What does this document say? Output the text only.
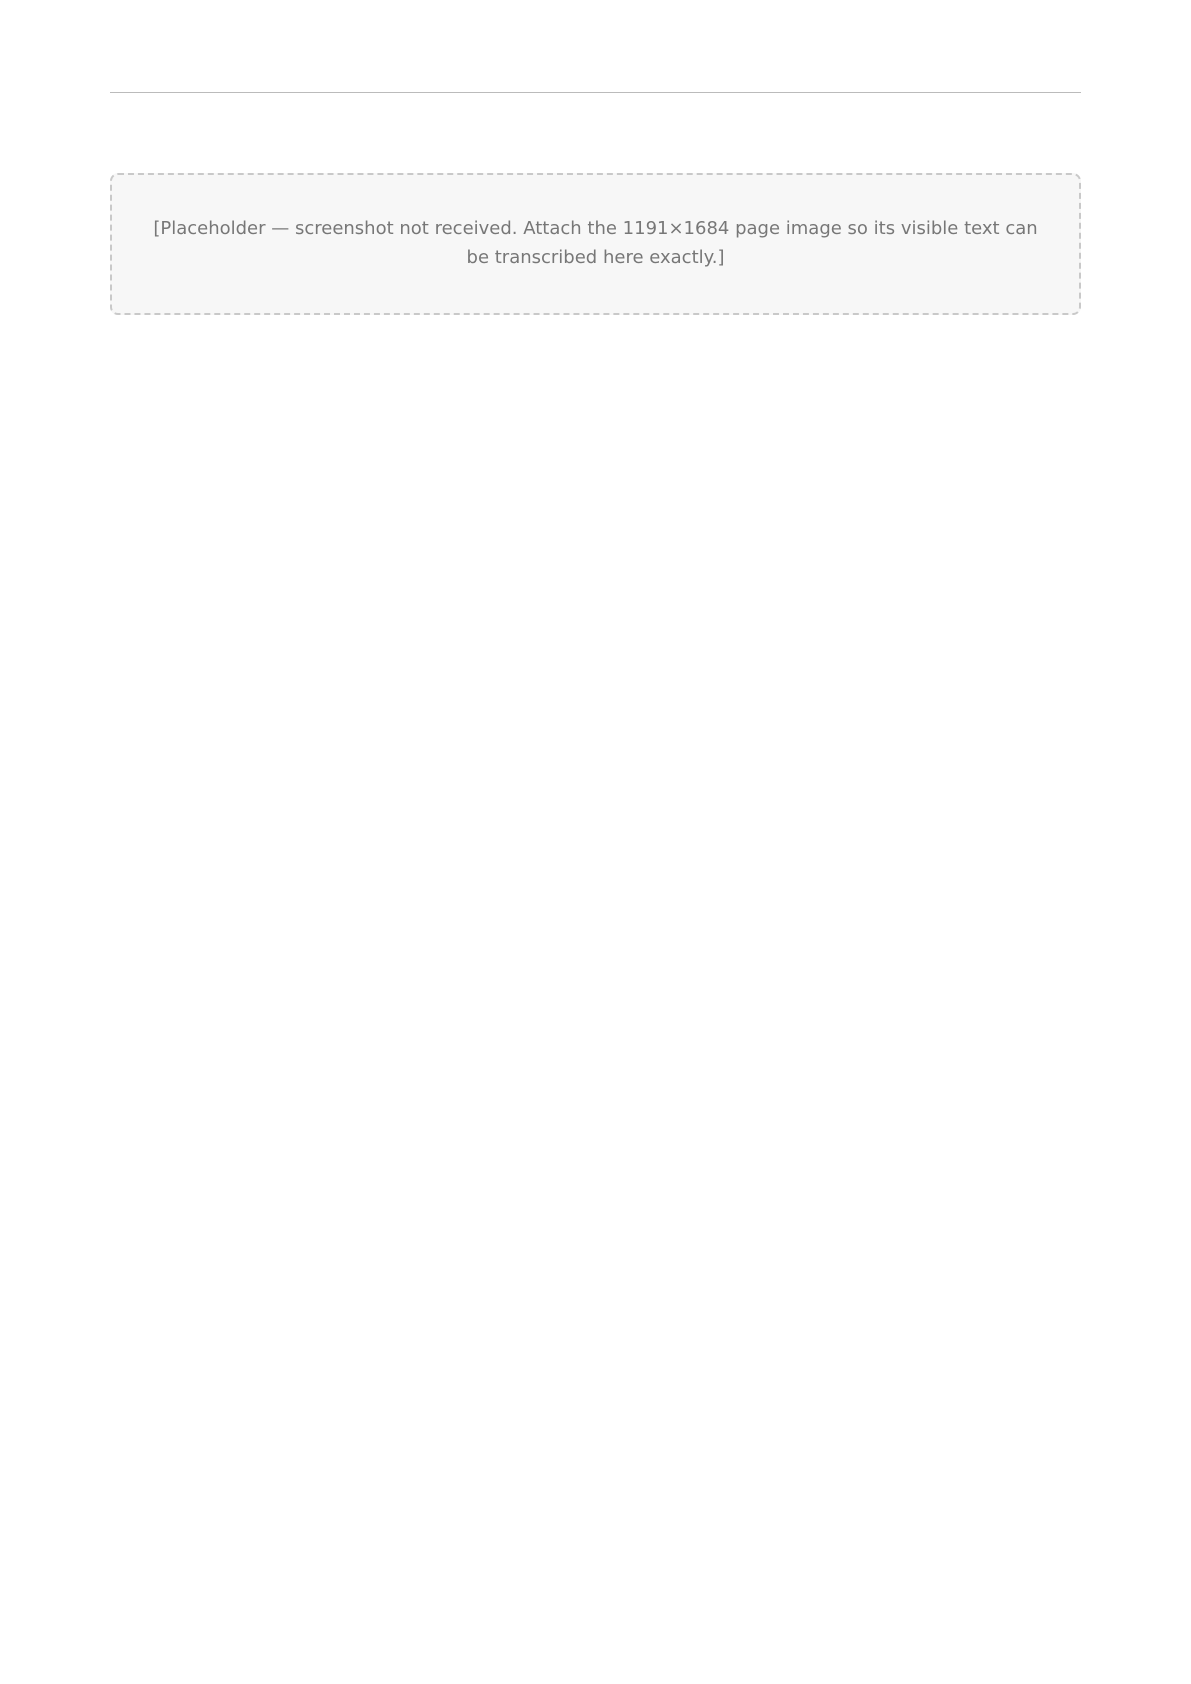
[Placeholder — screenshot not received. Attach the 1191×1684 page image so its visible text can be transcribed here exactly.]
